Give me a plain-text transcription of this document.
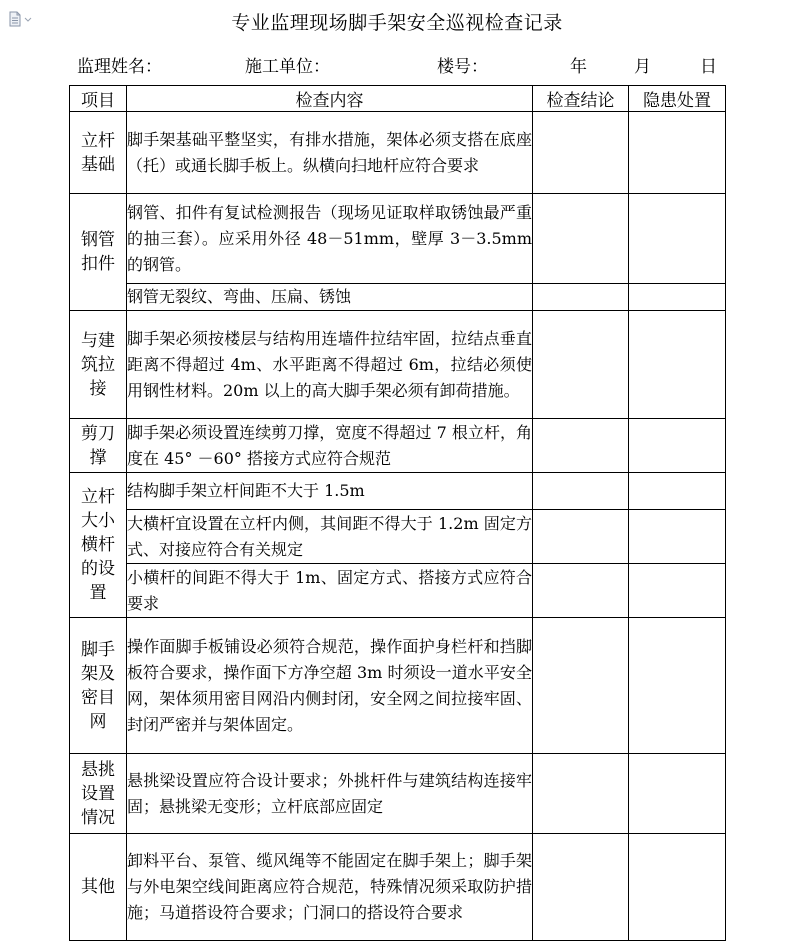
专业监理现场脚手架安全巡视检查记录
监理姓名：	施工单位：	楼号：	年	月	日
项目	检查内容	检查结论	隐患处置

立杆基础	脚手架基础平整坚实，有排水措施，架体必须支搭在底座（托）或通长脚手板上。纵横向扫地杆应符合要求		

钢管扣件	钢管、扣件有复试检测报告（现场见证取样取锈蚀最严重的抽三套）。应采用外径 48－51mm，壁厚 3－3.5mm 的钢管。		
	钢管无裂纹、弯曲、压扁、锈蚀		

与建筑拉接	脚手架必须按楼层与结构用连墙件拉结牢固，拉结点垂直距离不得超过 4m、水平距离不得超过 6m，拉结必须使用钢性材料。20m 以上的高大脚手架必须有卸荷措施。		

剪刀撑	脚手架必须设置连续剪刀撑，宽度不得超过 7 根立杆，角度在 45° －60° 搭接方式应符合规范		

立杆大小横杆的设置	结构脚手架立杆间距不大于 1.5m		
	大横杆宜设置在立杆内侧，其间距不得大于 1.2m 固定方式、对接应符合有关规定		
	小横杆的间距不得大于 1m、固定方式、搭接方式应符合要求		

脚手架及密目网	操作面脚手板铺设必须符合规范，操作面护身栏杆和挡脚板符合要求，操作面下方净空超 3m 时须设一道水平安全网，架体须用密目网沿内侧封闭，安全网之间拉接牢固、封闭严密并与架体固定。		

悬挑设置情况	悬挑梁设置应符合设计要求；外挑杆件与建筑结构连接牢固；悬挑梁无变形；立杆底部应固定		

其他	卸料平台、泵管、缆风绳等不能固定在脚手架上；脚手架与外电架空线间距离应符合规范，特殊情况须采取防护措施；马道搭设符合要求；门洞口的搭设符合要求		
